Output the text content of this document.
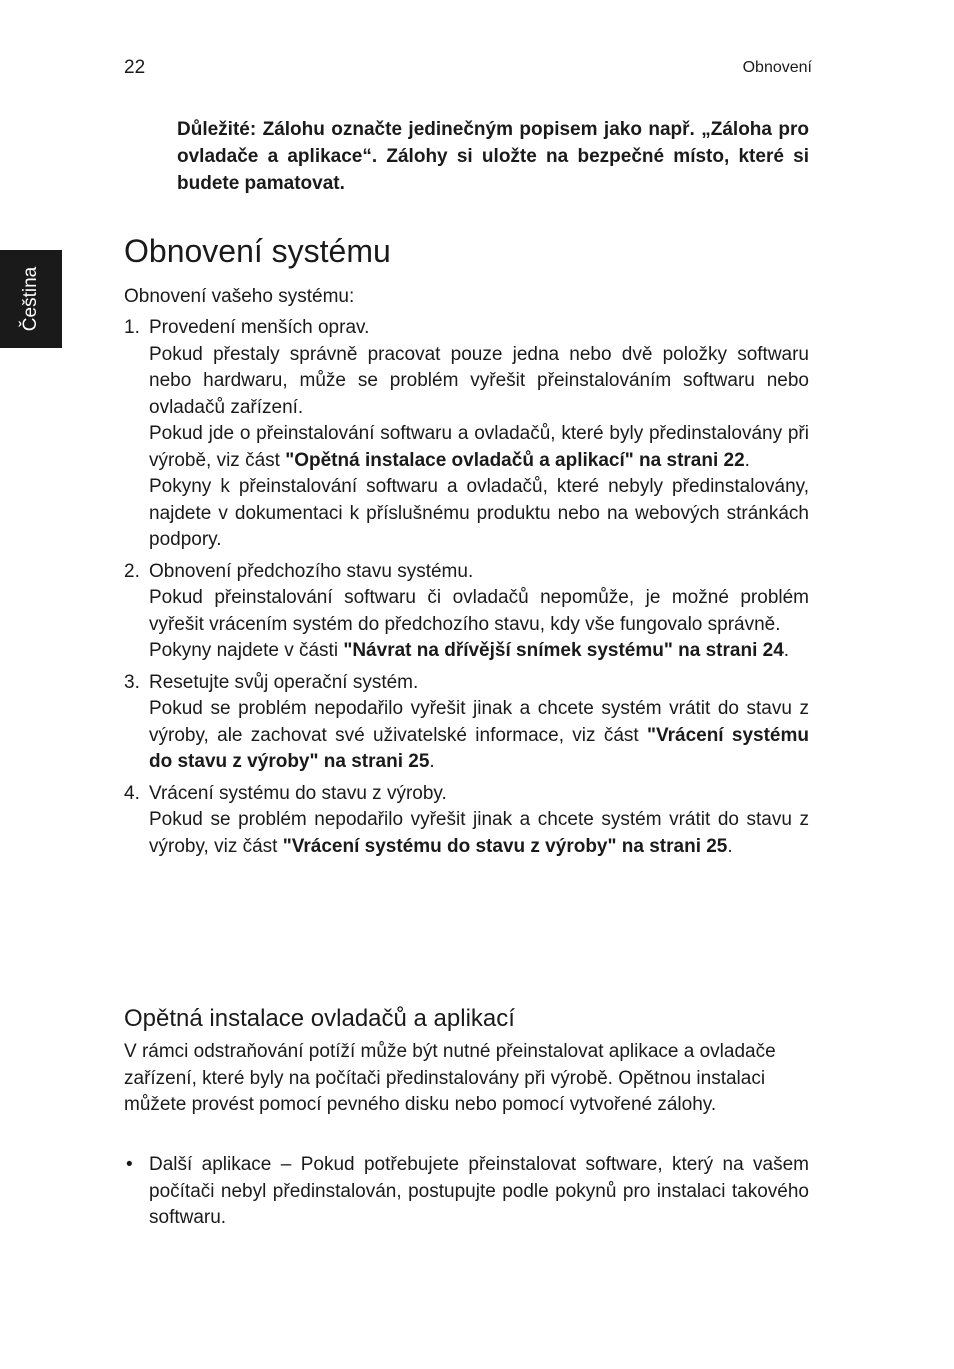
22	Obnovení
Čeština

Důležité: Zálohu označte jedinečným popisem jako např. „Záloha pro ovladače a aplikace“. Zálohy si uložte na bezpečné místo, které si budete pamatovat.

Obnovení systému

Obnovení vašeho systému:

1. Provedení menších oprav.

Pokud přestaly správně pracovat pouze jedna nebo dvě položky softwaru nebo hardwaru, může se problém vyřešit přeinstalováním softwaru nebo ovladačů zařízení.

Pokud jde o přeinstalování softwaru a ovladačů, které byly předinstalovány při výrobě, viz část "Opětná instalace ovladačů a aplikací" na strani 22.

Pokyny k přeinstalování softwaru a ovladačů, které nebyly předinstalovány, najdete v dokumentaci k příslušnému produktu nebo na webových stránkách podpory.

2. Obnovení předchozího stavu systému.

Pokud přeinstalování softwaru či ovladačů nepomůže, je možné problém vyřešit vrácením systém do předchozího stavu, kdy vše fungovalo správně.

Pokyny najdete v části "Návrat na dřívější snímek systému" na strani 24.

3. Resetujte svůj operační systém.

Pokud se problém nepodařilo vyřešit jinak a chcete systém vrátit do stavu z výroby, ale zachovat své uživatelské informace, viz část "Vrácení systému do stavu z výroby" na strani 25.

4. Vrácení systému do stavu z výroby.

Pokud se problém nepodařilo vyřešit jinak a chcete systém vrátit do stavu z výroby, viz část "Vrácení systému do stavu z výroby" na strani 25.

Opětná instalace ovladačů a aplikací

V rámci odstraňování potíží může být nutné přeinstalovat aplikace a ovladače zařízení, které byly na počítači předinstalovány při výrobě. Opětnou instalaci můžete provést pomocí pevného disku nebo pomocí vytvořené zálohy.

• Další aplikace – Pokud potřebujete přeinstalovat software, který na vašem počítači nebyl předinstalován, postupujte podle pokynů pro instalaci takového softwaru.
